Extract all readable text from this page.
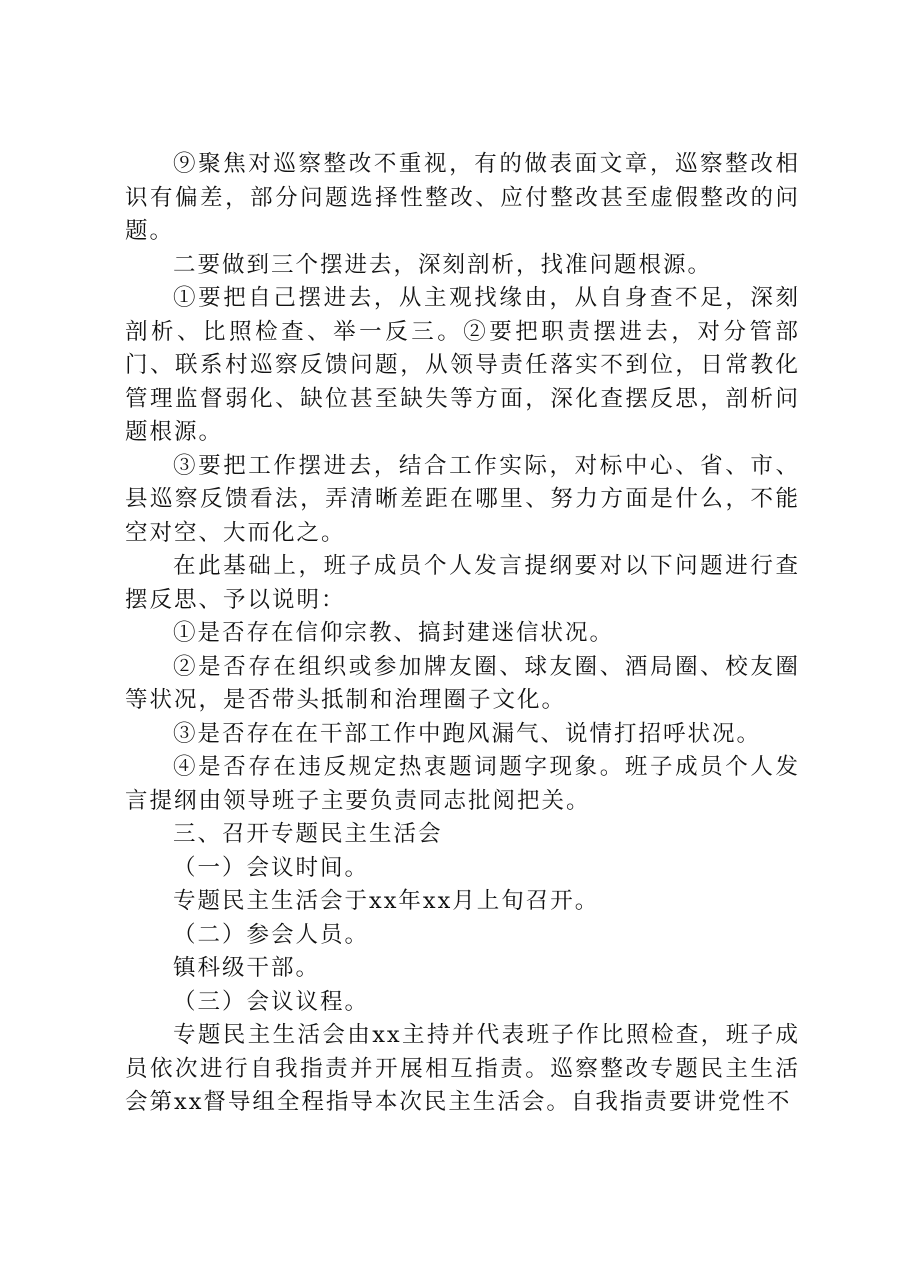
⑨聚焦对巡察整改不重视，有的做表面文章，巡察整改相识有偏差，部分问题选择性整改、应付整改甚至虚假整改的问题。

二要做到三个摆进去，深刻剖析，找准问题根源。

①要把自己摆进去，从主观找缘由，从自身查不足，深刻剖析、比照检查、举一反三。②要把职责摆进去，对分管部门、联系村巡察反馈问题，从领导责任落实不到位，日常教化管理监督弱化、缺位甚至缺失等方面，深化查摆反思，剖析问题根源。

③要把工作摆进去，结合工作实际，对标中心、省、市、县巡察反馈看法，弄清晰差距在哪里、努力方面是什么，不能空对空、大而化之。

在此基础上，班子成员个人发言提纲要对以下问题进行查摆反思、予以说明：

①是否存在信仰宗教、搞封建迷信状况。

②是否存在组织或参加牌友圈、球友圈、酒局圈、校友圈等状况，是否带头抵制和治理圈子文化。

③是否存在在干部工作中跑风漏气、说情打招呼状况。

④是否存在违反规定热衷题词题字现象。班子成员个人发言提纲由领导班子主要负责同志批阅把关。

三、召开专题民主生活会

（一）会议时间。

专题民主生活会于xx年xx月上旬召开。

（二）参会人员。

镇科级干部。

（三）会议议程。

专题民主生活会由xx主持并代表班子作比照检查，班子成员依次进行自我指责并开展相互指责。巡察整改专题民主生活会第xx督导组全程指导本次民主生活会。自我指责要讲党性不
